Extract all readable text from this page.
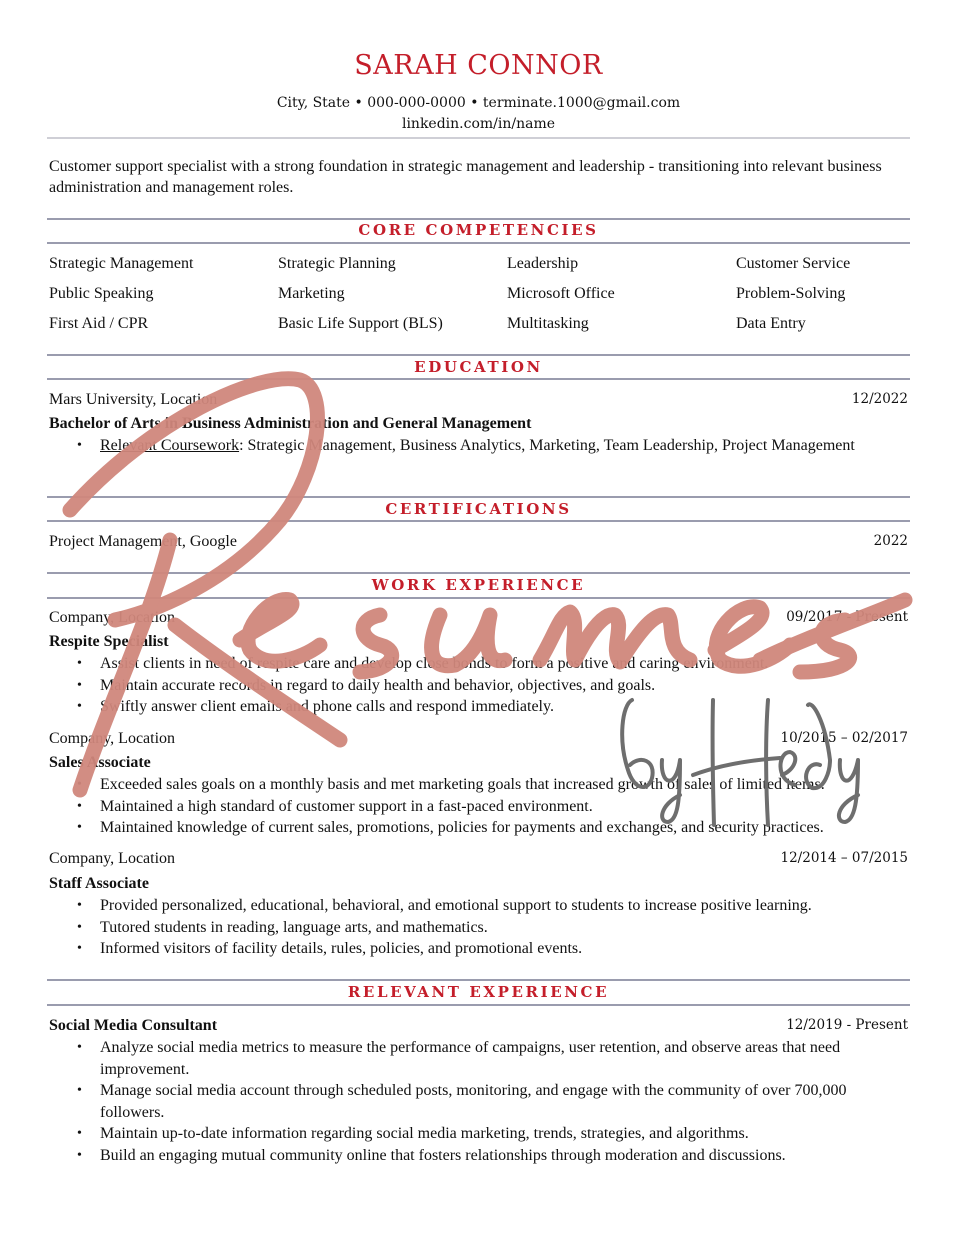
SARAH CONNOR
City, State • 000-000-0000 • terminate.1000@gmail.com
linkedin.com/in/name
Customer support specialist with a strong foundation in strategic management and leadership - transitioning into relevant business administration and management roles.
CORE COMPETENCIES
Strategic Management	Strategic Planning	Leadership	Customer Service
Public Speaking	Marketing	Microsoft Office	Problem-Solving
First Aid / CPR	Basic Life Support (BLS)	Multitasking	Data Entry
EDUCATION
Mars University, Location	12/2022
Bachelor of Arts in Business Administration and General Management
• Relevant Coursework: Strategic Management, Business Analytics, Marketing, Team Leadership, Project Management
CERTIFICATIONS
Project Management, Google	2022
WORK EXPERIENCE
Company, Location	09/2017 - Present
Respite Specialist
• Assist clients in need of respite care and develop close bonds to form a positive and caring environment.
• Maintain accurate records in regard to daily health and behavior, objectives, and goals.
• Swiftly answer client emails and phone calls and respond immediately.
Company, Location	10/2015 – 02/2017
Sales Associate
• Exceeded sales goals on a monthly basis and met marketing goals that increased growth of sales of limited items.
• Maintained a high standard of customer support in a fast-paced environment.
• Maintained knowledge of current sales, promotions, policies for payments and exchanges, and security practices.
Company, Location	12/2014 – 07/2015
Staff Associate
• Provided personalized, educational, behavioral, and emotional support to students to increase positive learning.
• Tutored students in reading, language arts, and mathematics.
• Informed visitors of facility details, rules, policies, and promotional events.
RELEVANT EXPERIENCE
Social Media Consultant	12/2019 - Present
• Analyze social media metrics to measure the performance of campaigns, user retention, and observe areas that need improvement.
• Manage social media account through scheduled posts, monitoring, and engage with the community of over 700,000 followers.
• Maintain up-to-date information regarding social media marketing, trends, strategies, and algorithms.
• Build an engaging mutual community online that fosters relationships through moderation and discussions.
